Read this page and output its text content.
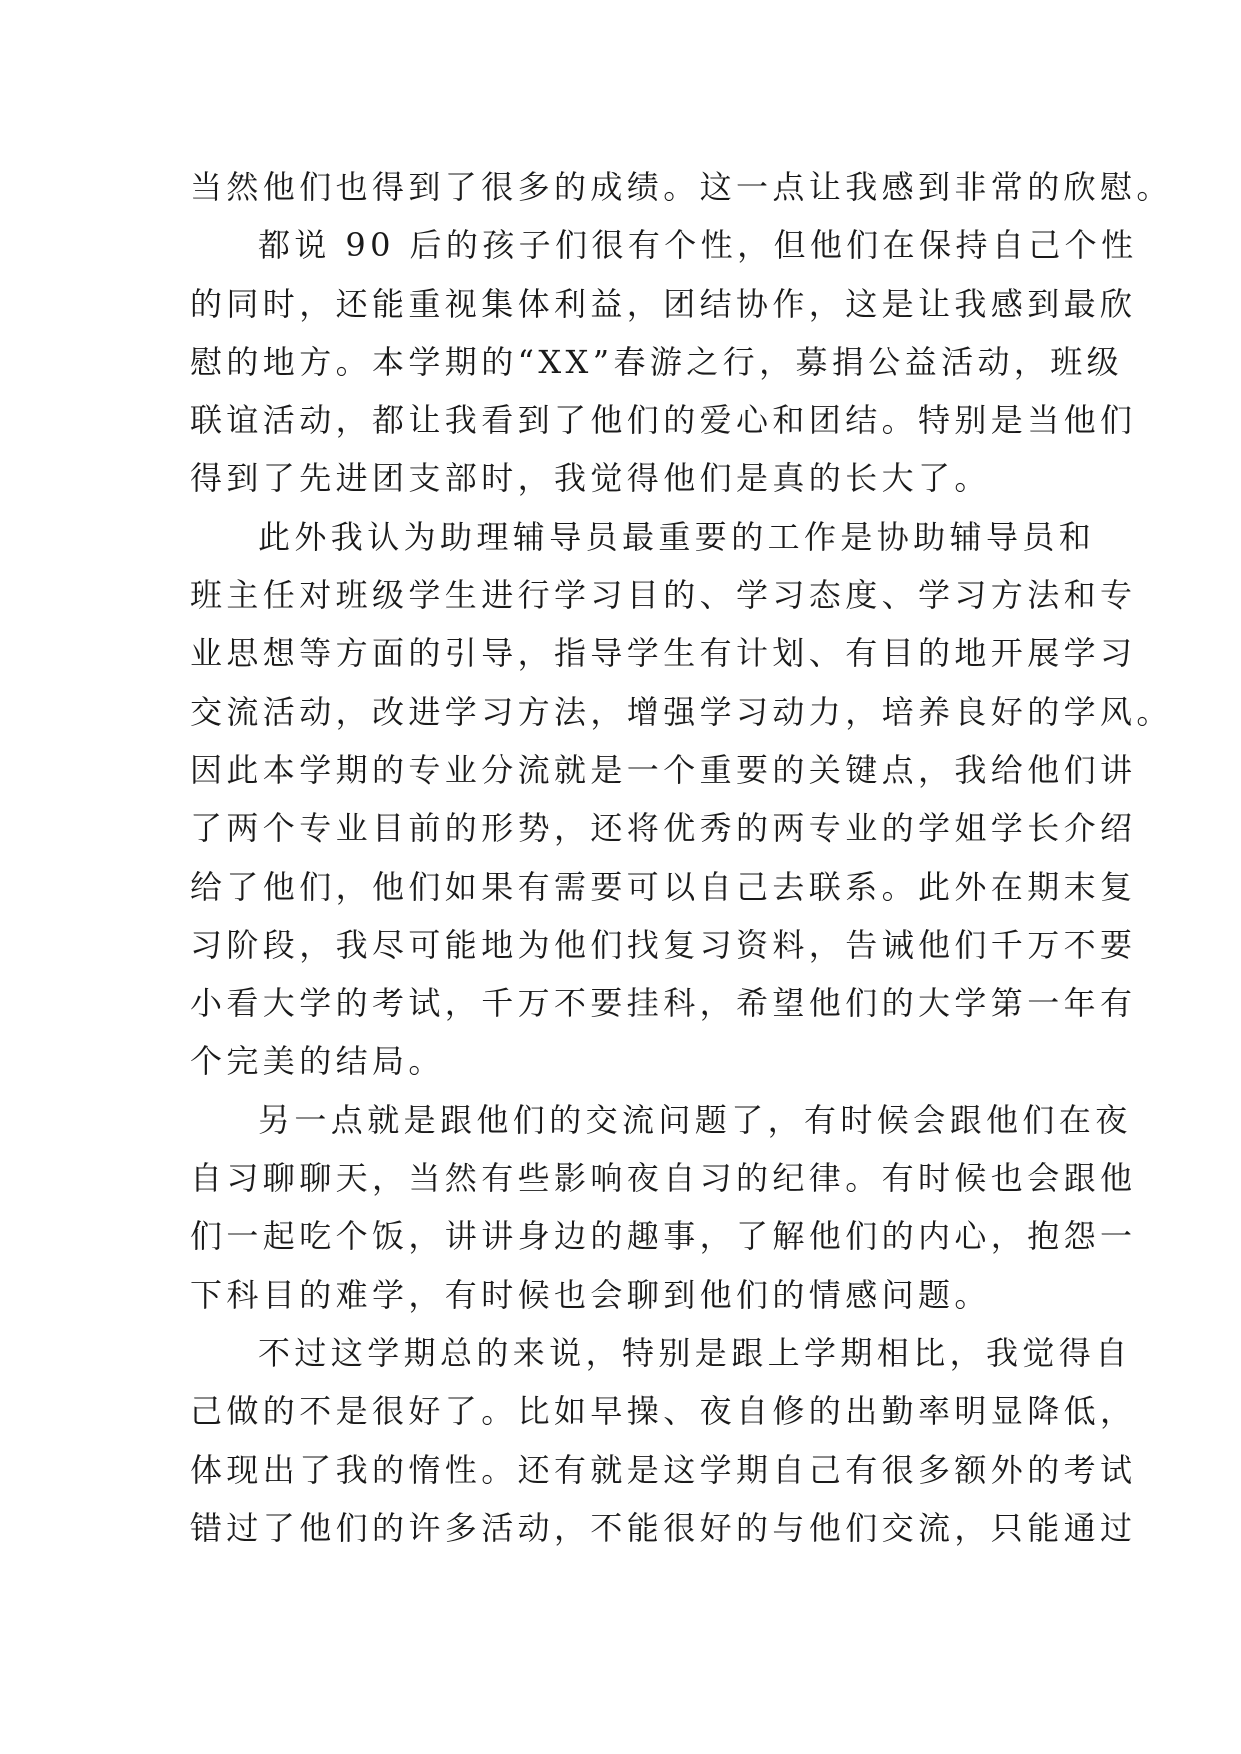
当然他们也得到了很多的成绩。这一点让我感到非常的欣慰。
都说 90 后的孩子们很有个性，但他们在保持自己个性
的同时，还能重视集体利益，团结协作，这是让我感到最欣
慰的地方。本学期的“XX”春游之行，募捐公益活动，班级
联谊活动，都让我看到了他们的爱心和团结。特别是当他们
得到了先进团支部时，我觉得他们是真的长大了。
此外我认为助理辅导员最重要的工作是协助辅导员和
班主任对班级学生进行学习目的、学习态度、学习方法和专
业思想等方面的引导，指导学生有计划、有目的地开展学习
交流活动，改进学习方法，增强学习动力，培养良好的学风。
因此本学期的专业分流就是一个重要的关键点，我给他们讲
了两个专业目前的形势，还将优秀的两专业的学姐学长介绍
给了他们，他们如果有需要可以自己去联系。此外在期末复
习阶段，我尽可能地为他们找复习资料，告诫他们千万不要
小看大学的考试，千万不要挂科，希望他们的大学第一年有
个完美的结局。
另一点就是跟他们的交流问题了，有时候会跟他们在夜
自习聊聊天，当然有些影响夜自习的纪律。有时候也会跟他
们一起吃个饭，讲讲身边的趣事，了解他们的内心，抱怨一
下科目的难学，有时候也会聊到他们的情感问题。
不过这学期总的来说，特别是跟上学期相比，我觉得自
己做的不是很好了。比如早操、夜自修的出勤率明显降低，
体现出了我的惰性。还有就是这学期自己有很多额外的考试
错过了他们的许多活动，不能很好的与他们交流，只能通过
